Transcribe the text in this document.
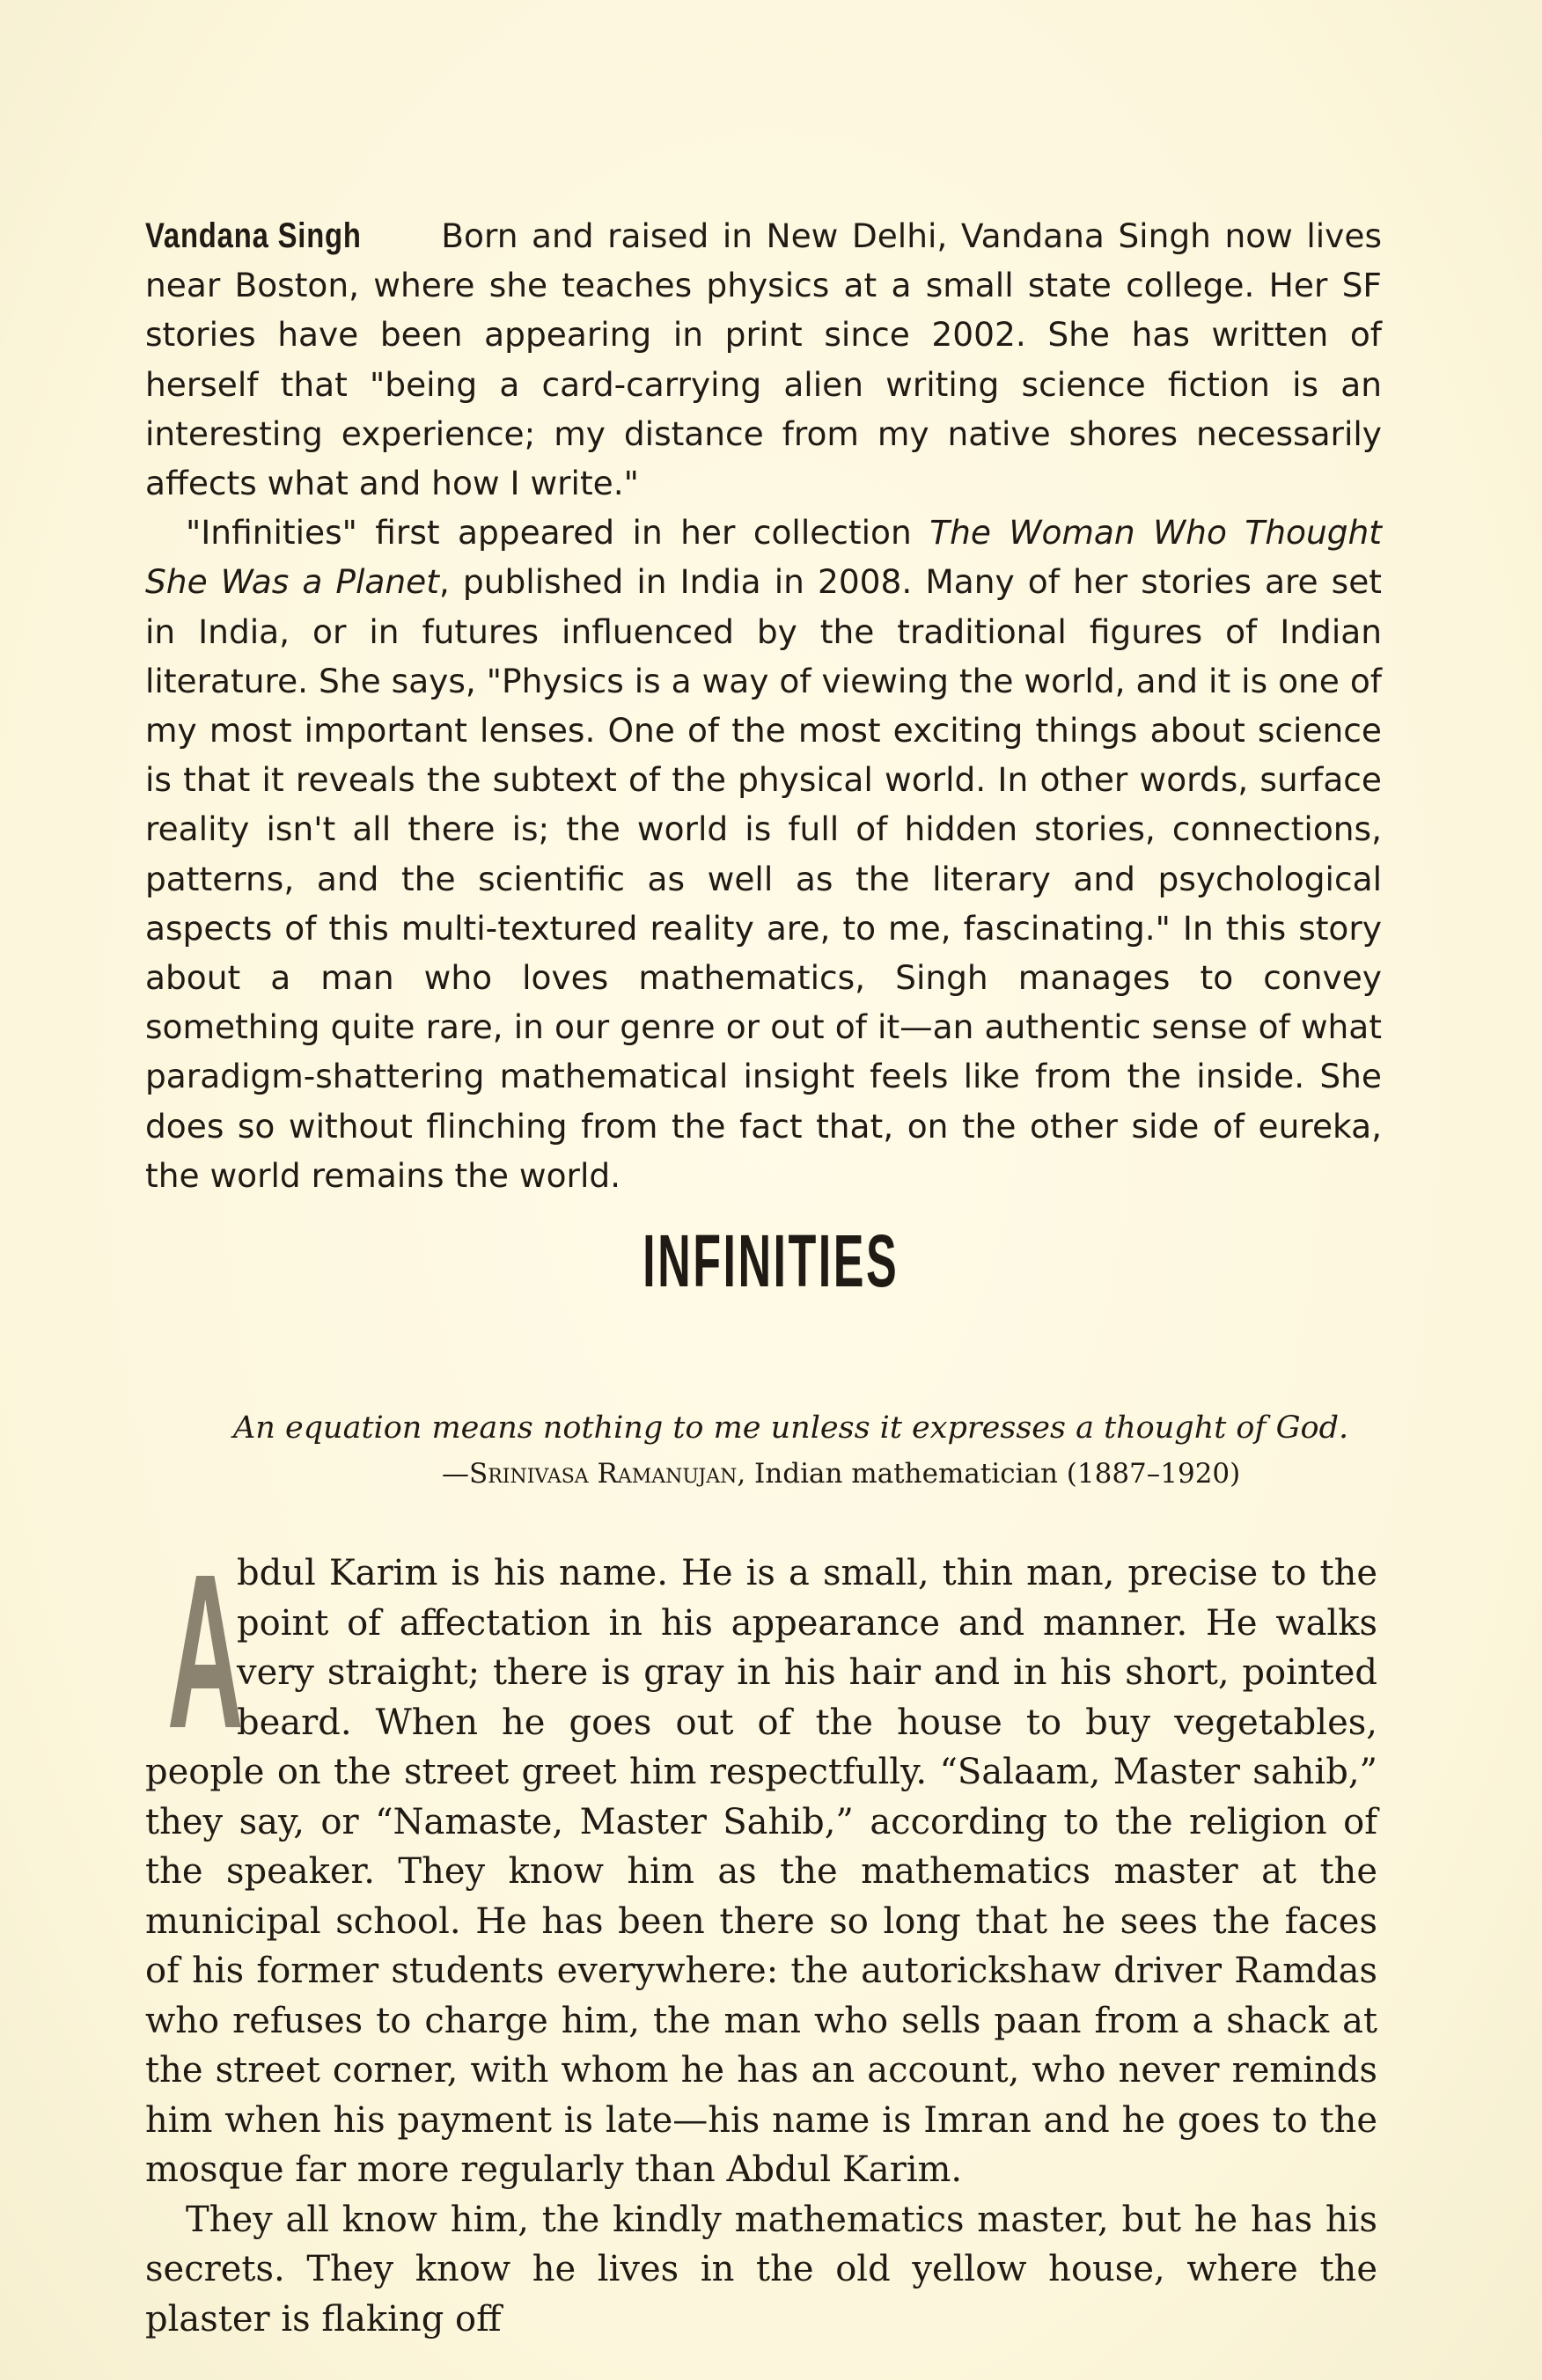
Vandana Singh Born and raised in New Delhi, Vandana Singh now lives near Boston, where she teaches physics at a small state college. Her SF stories have been appearing in print since 2002. She has written of herself that "being a card-carrying alien writing science fiction is an interesting experience; my distance from my native shores necessarily affects what and how I write."

"Infinities" first appeared in her collection The Woman Who Thought She Was a Planet, published in India in 2008. Many of her stories are set in India, or in futures influenced by the traditional figures of Indian literature. She says, "Physics is a way of viewing the world, and it is one of my most important lenses. One of the most exciting things about science is that it reveals the subtext of the physical world. In other words, surface reality isn't all there is; the world is full of hidden stories, connections, patterns, and the scientific as well as the literary and psychological aspects of this multi-textured reality are, to me, fascinating." In this story about a man who loves mathematics, Singh manages to convey something quite rare, in our genre or out of it—an authentic sense of what paradigm-shattering mathematical insight feels like from the inside. She does so without flinching from the fact that, on the other side of eureka, the world remains the world.

INFINITIES
An equation means nothing to me unless it expresses a thought of God.
—Srinivasa Ramanujan, Indian mathematician (1887–1920)

A
bdul Karim is his name. He is a small, thin man, precise to the point of affectation in his appearance and manner. He walks very straight; there is gray in his hair and in his short, pointed beard. When he goes out of the house to buy vegetables, people on the street greet him respectfully. “Salaam, Master sahib,” they say, or “Namaste, Master Sahib,” according to the religion of the speaker. They know him as the mathematics master at the municipal school. He has been there so long that he sees the faces of his former students everywhere: the autorickshaw driver Ramdas who refuses to charge him, the man who sells paan from a shack at the street corner, with whom he has an account, who never reminds him when his payment is late—his name is Imran and he goes to the mosque far more regularly than Abdul Karim.

They all know him, the kindly mathematics master, but he has his secrets. They know he lives in the old yellow house, where the plaster is flaking off
